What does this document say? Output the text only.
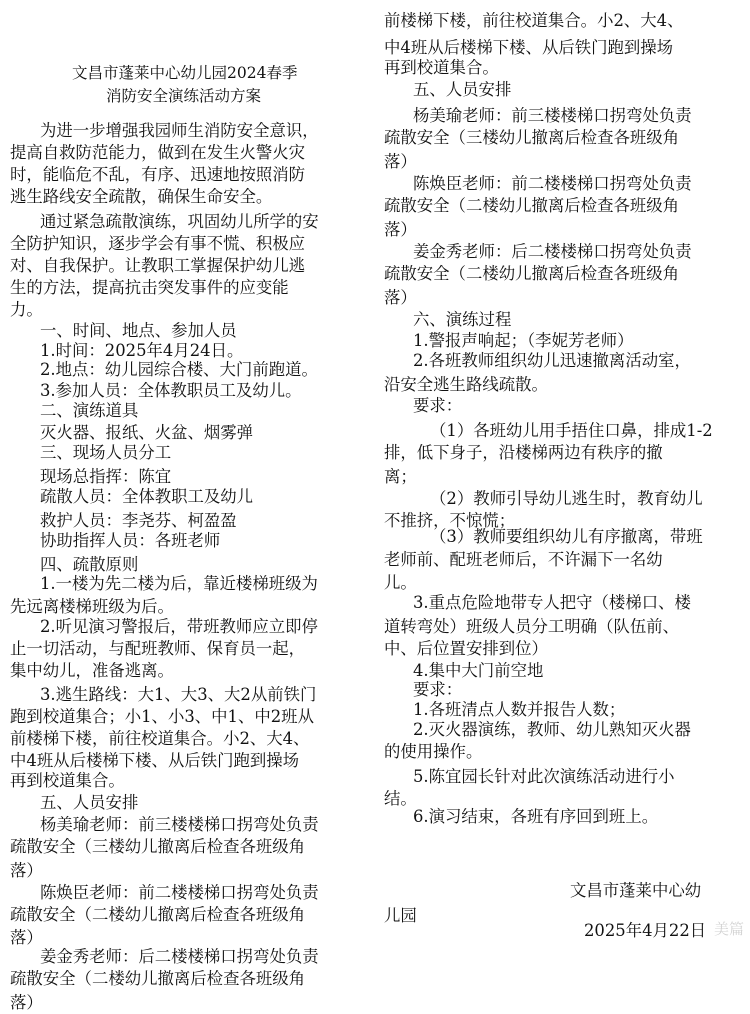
文昌市蓬莱中心幼儿园2024春季
消防安全演练活动方案
为进一步增强我园师生消防安全意识，
提高自救防范能力，做到在发生火警火灾
时，能临危不乱，有序、迅速地按照消防
逃生路线安全疏散，确保生命安全。
通过紧急疏散演练，巩固幼儿所学的安
全防护知识，逐步学会有事不慌、积极应
对、自我保护。让教职工掌握保护幼儿逃
生的方法，提高抗击突发事件的应变能
力。
一、时间、地点、参加人员
1.时间：2025年4月24日。
2.地点：幼儿园综合楼、大门前跑道。
3.参加人员：全体教职员工及幼儿。
二、演练道具
灭火器、报纸、火盆、烟雾弹
三、现场人员分工
现场总指挥：陈宜
疏散人员：全体教职工及幼儿
救护人员：李尧芬、柯盈盈
协助指挥人员：各班老师
四、疏散原则
1.一楼为先二楼为后，靠近楼梯班级为
先远离楼梯班级为后。
2.听见演习警报后，带班教师应立即停
止一切活动，与配班教师、保育员一起，
集中幼儿，准备逃离。
3.逃生路线：大1、大3、大2从前铁门
跑到校道集合；小1、小3、中1、中2班从
前楼梯下楼，前往校道集合。小2、大4、
中4班从后楼梯下楼、从后铁门跑到操场
再到校道集合。
五、人员安排
杨美瑜老师：前三楼楼梯口拐弯处负责
疏散安全（三楼幼儿撤离后检查各班级角
落）
陈焕臣老师：前二楼楼梯口拐弯处负责
疏散安全（二楼幼儿撤离后检查各班级角
落）
姜金秀老师：后二楼楼梯口拐弯处负责
疏散安全（二楼幼儿撤离后检查各班级角
落）
前楼梯下楼，前往校道集合。小2、大4、
中4班从后楼梯下楼、从后铁门跑到操场
再到校道集合。
五、人员安排
杨美瑜老师：前三楼楼梯口拐弯处负责
疏散安全（三楼幼儿撤离后检查各班级角
落）
陈焕臣老师：前二楼楼梯口拐弯处负责
疏散安全（二楼幼儿撤离后检查各班级角
落）
姜金秀老师：后二楼楼梯口拐弯处负责
疏散安全（二楼幼儿撤离后检查各班级角
落）
六、演练过程
1.警报声响起；（李妮芳老师）
2.各班教师组织幼儿迅速撤离活动室，
沿安全逃生路线疏散。
要求：
（1）各班幼儿用手捂住口鼻，排成1-2
排，低下身子，沿楼梯两边有秩序的撤
离；
（2）教师引导幼儿逃生时，教育幼儿
不推挤，不惊慌；
（3）教师要组织幼儿有序撤离，带班
老师前、配班老师后，不许漏下一名幼
儿。
3.重点危险地带专人把守（楼梯口、楼
道转弯处）班级人员分工明确（队伍前、
中、后位置安排到位）
4.集中大门前空地
要求：
1.各班清点人数并报告人数；
2.灭火器演练，教师、幼儿熟知灭火器
的使用操作。
5.陈宜园长针对此次演练活动进行小
结。
6.演习结束，各班有序回到班上。
文昌市蓬莱中心幼
儿园
2025年4月22日 美篇
